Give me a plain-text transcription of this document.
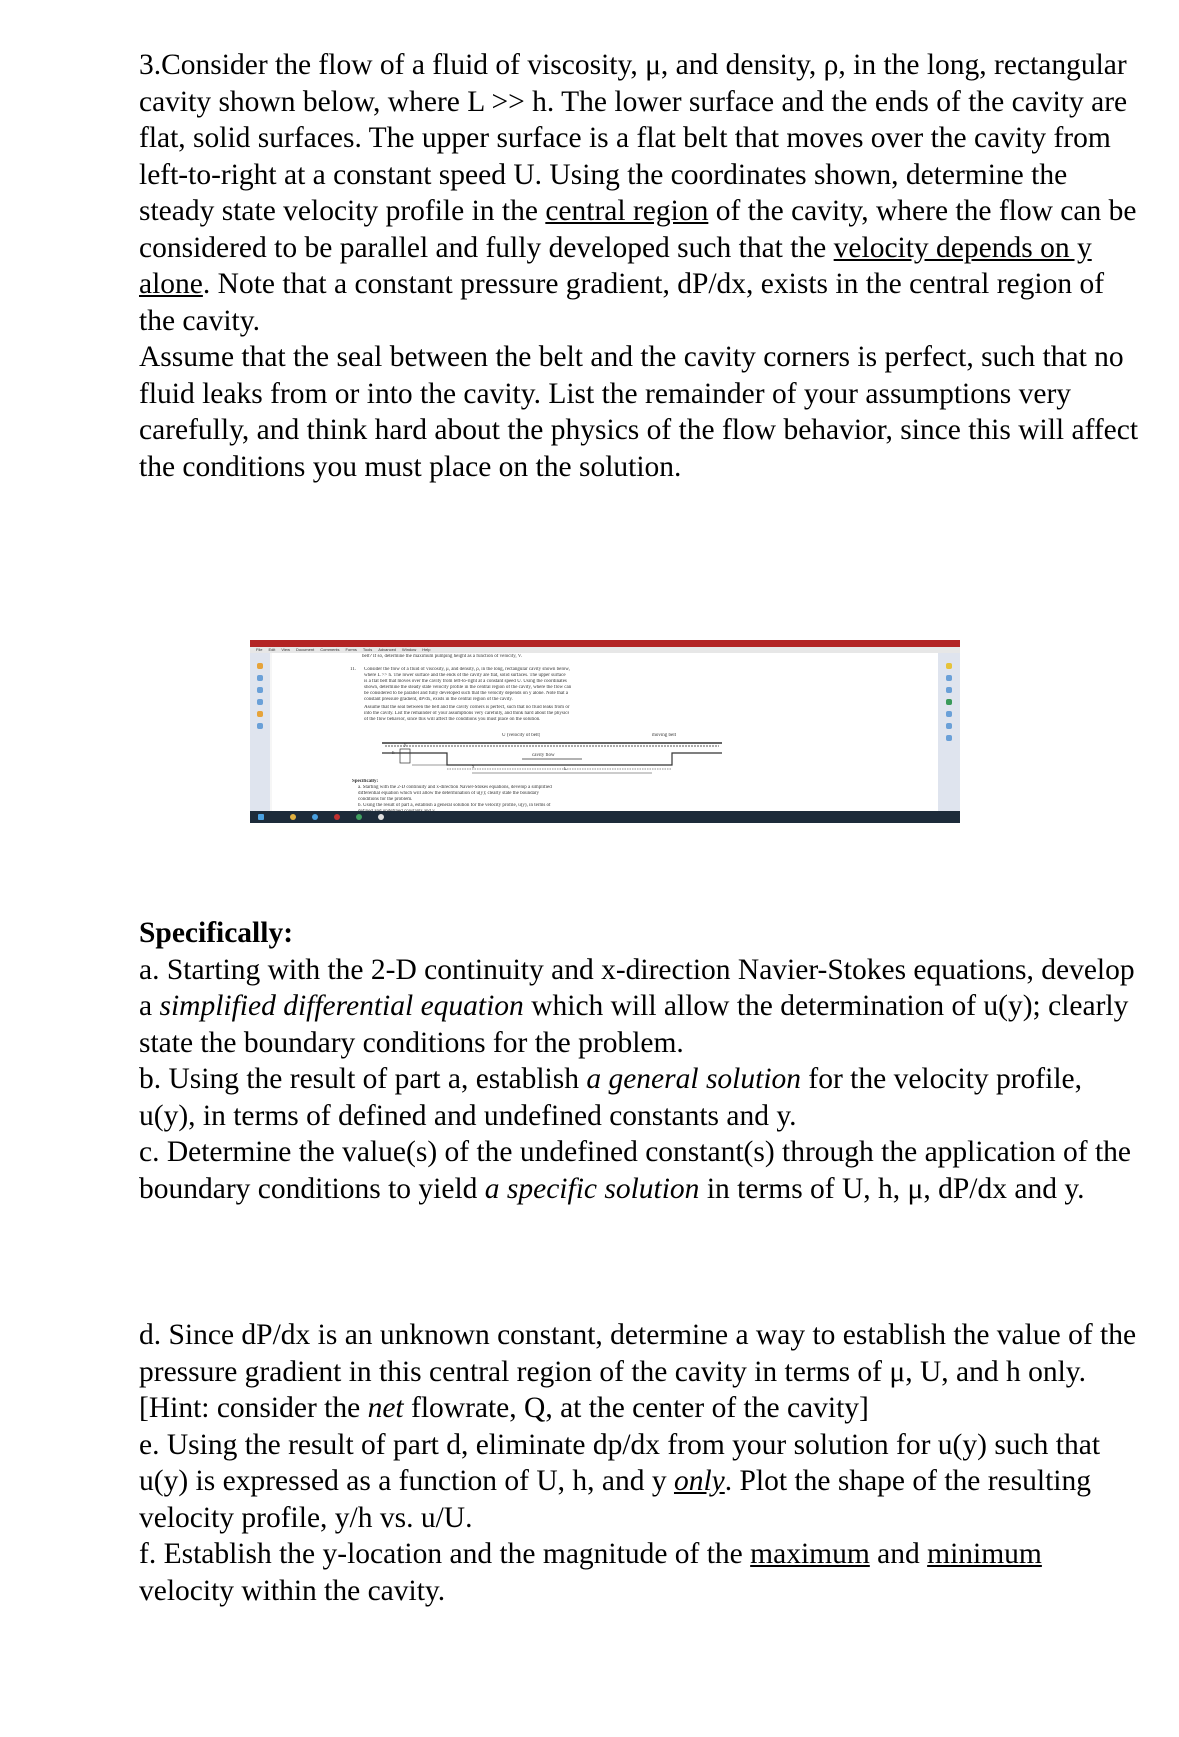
3.Consider the flow of a fluid of viscosity, μ, and density, ρ, in the long, rectangular cavity shown below, where L >> h. The lower surface and the ends of the cavity are flat, solid surfaces. The upper surface is a flat belt that moves over the cavity from left-to-right at a constant speed U. Using the coordinates shown, determine the steady state velocity profile in the central region of the cavity, where the flow can be considered to be parallel and fully developed such that the velocity depends on y alone. Note that a constant pressure gradient, dP/dx, exists in the central region of the cavity.
Assume that the seal between the belt and the cavity corners is perfect, such that no fluid leaks from or into the cavity. List the remainder of your assumptions very carefully, and think hard about the physics of the flow behavior, since this will affect the conditions you must place on the solution.

File Edit View Document Comments Forms Tools Advanced Window Help
belt? If so, determine the maximum pumping height as a function of velocity, V.
11. Consider the flow of a fluid of viscosity, μ, and density, ρ, in the long, rectangular cavity shown below,
where L >> h. The lower surface and the ends of the cavity are flat, solid surfaces. The upper surface
is a flat belt that moves over the cavity from left-to-right at a constant speed U. Using the coordinates
shown, determine the steady state velocity profile in the central region of the cavity, where the flow can
be considered to be parallel and fully developed such that the velocity depends on y alone. Note that a
constant pressure gradient, dP/dx, exists in the central region of the cavity.
Assume that the seal between the belt and the cavity corners is perfect, such that no fluid leaks from or
into the cavity. List the remainder of your assumptions very carefully, and think hard about the physics
of the flow behavior, since this will affect the conditions you must place on the solution.
U (velocity of belt)	moving belt
cavity flow
h
y
x	L
Specifically:
a. Starting with the 2-D continuity and x-direction Navier-Stokes equations, develop a simplified
differential equation which will allow the determination of u(y); clearly state the boundary
conditions for the problem.
b. Using the result of part a, establish a general solution for the velocity profile, u(y), in terms of

Specifically:
a. Starting with the 2-D continuity and x-direction Navier-Stokes equations, develop a simplified differential equation which will allow the determination of u(y); clearly state the boundary conditions for the problem.
b. Using the result of part a, establish a general solution for the velocity profile, u(y), in terms of defined and undefined constants and y.
c. Determine the value(s) of the undefined constant(s) through the application of the boundary conditions to yield a specific solution in terms of U, h, μ, dP/dx and y.

d. Since dP/dx is an unknown constant, determine a way to establish the value of the pressure gradient in this central region of the cavity in terms of μ, U, and h only.
[Hint: consider the net flowrate, Q, at the center of the cavity]
e. Using the result of part d, eliminate dp/dx from your solution for u(y) such that u(y) is expressed as a function of U, h, and y only. Plot the shape of the resulting velocity profile, y/h vs. u/U.
f. Establish the y-location and the magnitude of the maximum and minimum velocity within the cavity.
